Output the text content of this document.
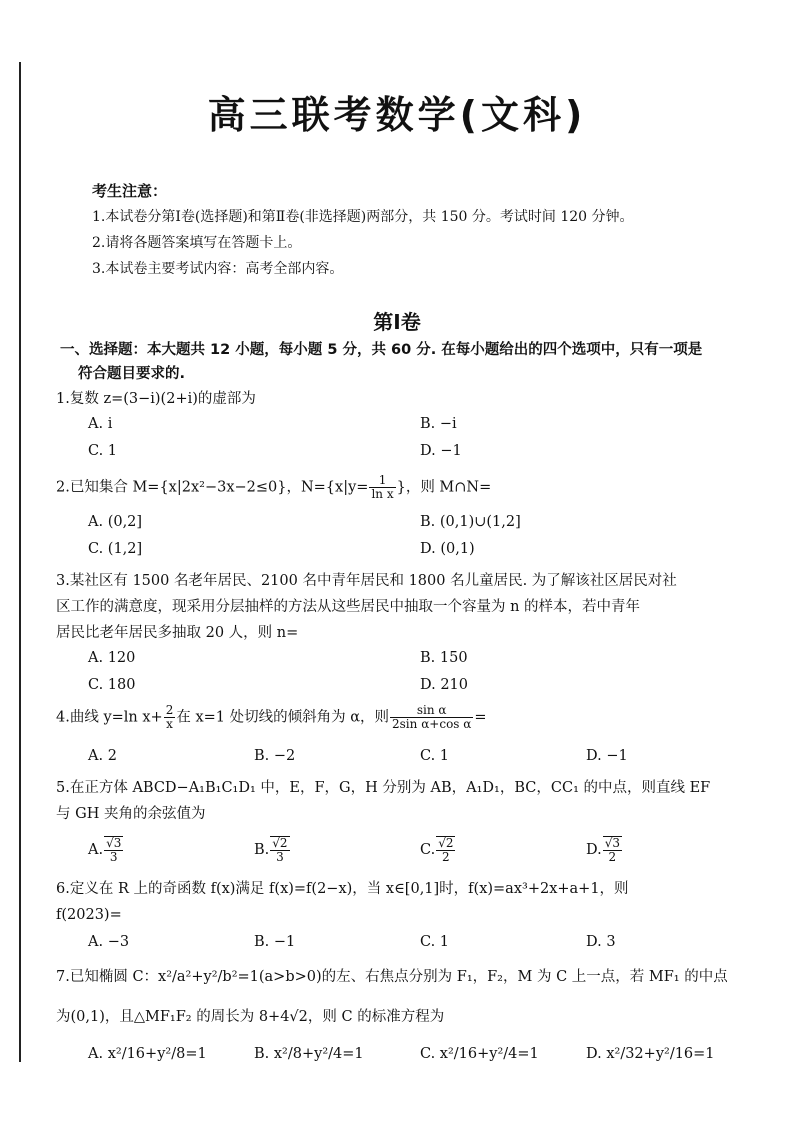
高三联考数学(文科)
考生注意：
1.本试卷分第Ⅰ卷(选择题)和第Ⅱ卷(非选择题)两部分，共 150 分。考试时间 120 分钟。
2.请将各题答案填写在答题卡上。
3.本试卷主要考试内容：高考全部内容。
第Ⅰ卷
一、选择题：本大题共 12 小题，每小题 5 分，共 60 分. 在每小题给出的四个选项中，只有一项是
符合题目要求的.
1.复数 z=(3−i)(2+i)的虚部为
A. i	B. −i
C. 1	D. −1
2.已知集合 M={x|2x²−3x−2≤0}，$N=\{x|y= \frac{1}{\text{ln x}}$ }，则 M∩N=
A. (0,2]	B. (0,1)∪(1,2]
C. (1,2]	D. (0,1)
3.某社区有 1500 名老年居民、2100 名中青年居民和 1800 名儿童居民. 为了解该社区居民对社
区工作的满意度，现采用分层抽样的方法从这些居民中抽取一个容量为 n 的样本，若中青年
居民比老年居民多抽取 20 人，则 n=
A. 120	B. 150
C. 180	D. 210
4.曲线 y=ln $x+ \frac{2}{x}$ 在 x=1 处切线的倾斜角为 α，则 $\frac{\text{sin α}}{\text{2sin α+cos α}}$ =
A. 2	B. −2	C. 1	D. −1
5.在正方体 ABCD−A₁B₁C₁D₁ 中，E，F，G，H 分别为 AB，A₁D₁，BC，CC₁ 的中点，则直线 EF
与 GH 夹角的余弦值为
A. $\frac{√3}{3}$	B. $\frac{√2}{3}$	C. $\frac{√2}{2}$	D. $\frac{√3}{2}$
6.定义在 R 上的奇函数 f(x)满足 f(x)=f(2−x)，当 x∈[0,1]时，f(x)=ax³+2x+a+1，则
f(2023)=
A. −3	B. −1	C. 1	D. 3
7.已知椭圆 C：x²/a²+y²/b²=1(a>b>0)的左、右焦点分别为 F₁，F₂，M 为 C 上一点，若 MF₁ 的中点
为(0,1)，且△MF₁F₂ 的周长为 8+4√2，则 C 的标准方程为
A. x²/16+y²/8=1	B. x²/8+y²/4=1	C. x²/16+y²/4=1	D. x²/32+y²/16=1
